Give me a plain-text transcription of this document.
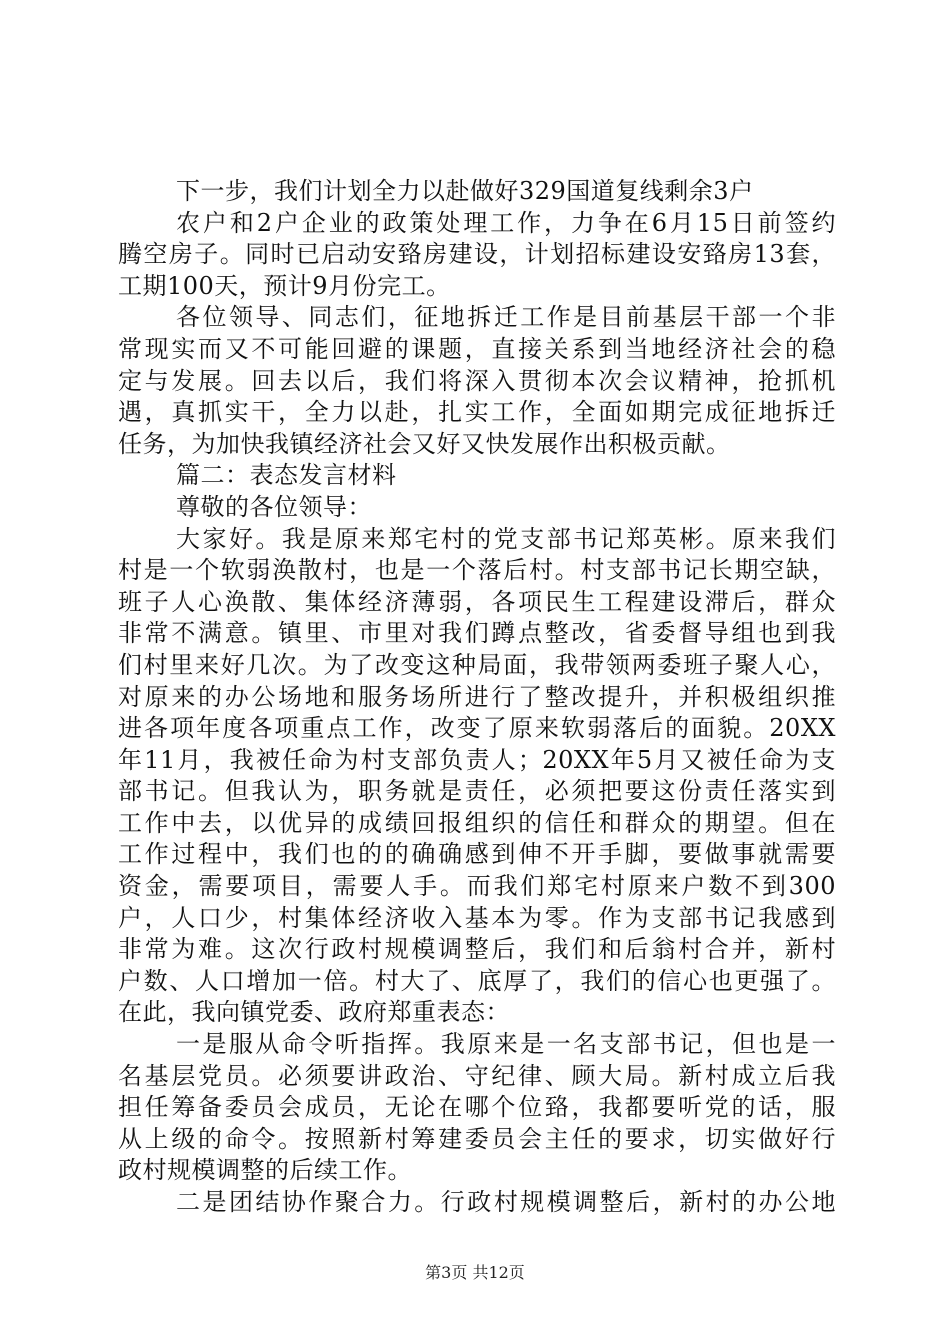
下一步，我们计划全力以赴做好329国道复线剩余3户
农户和2户企业的政策处理工作，力争在6月15日前签约
腾空房子。同时已启动安臵房建设，计划招标建设安臵房13套，
工期100天，预计9月份完工。
各位领导、同志们，征地拆迁工作是目前基层干部一个非
常现实而又不可能回避的课题，直接关系到当地经济社会的稳
定与发展。回去以后，我们将深入贯彻本次会议精神，抢抓机
遇，真抓实干，全力以赴，扎实工作，全面如期完成征地拆迁
任务，为加快我镇经济社会又好又快发展作出积极贡献。
篇二：表态发言材料
尊敬的各位领导：
大家好。我是原来郑宅村的党支部书记郑英彬。原来我们
村是一个软弱涣散村，也是一个落后村。村支部书记长期空缺，
班子人心涣散、集体经济薄弱，各项民生工程建设滞后，群众
非常不满意。镇里、市里对我们蹲点整改，省委督导组也到我
们村里来好几次。为了改变这种局面，我带领两委班子聚人心，
对原来的办公场地和服务场所进行了整改提升，并积极组织推
进各项年度各项重点工作，改变了原来软弱落后的面貌。20XX
年11月，我被任命为村支部负责人；20XX年5月又被任命为支
部书记。但我认为，职务就是责任，必须把要这份责任落实到
工作中去，以优异的成绩回报组织的信任和群众的期望。但在
工作过程中，我们也的的确确感到伸不开手脚，要做事就需要
资金，需要项目，需要人手。而我们郑宅村原来户数不到300
户，人口少，村集体经济收入基本为零。作为支部书记我感到
非常为难。这次行政村规模调整后，我们和后翁村合并，新村
户数、人口增加一倍。村大了、底厚了，我们的信心也更强了。
在此，我向镇党委、政府郑重表态：
一是服从命令听指挥。我原来是一名支部书记，但也是一
名基层党员。必须要讲政治、守纪律、顾大局。新村成立后我
担任筹备委员会成员，无论在哪个位臵，我都要听党的话，服
从上级的命令。按照新村筹建委员会主任的要求，切实做好行
政村规模调整的后续工作。
二是团结协作聚合力。行政村规模调整后，新村的办公地
第3页 共12页
